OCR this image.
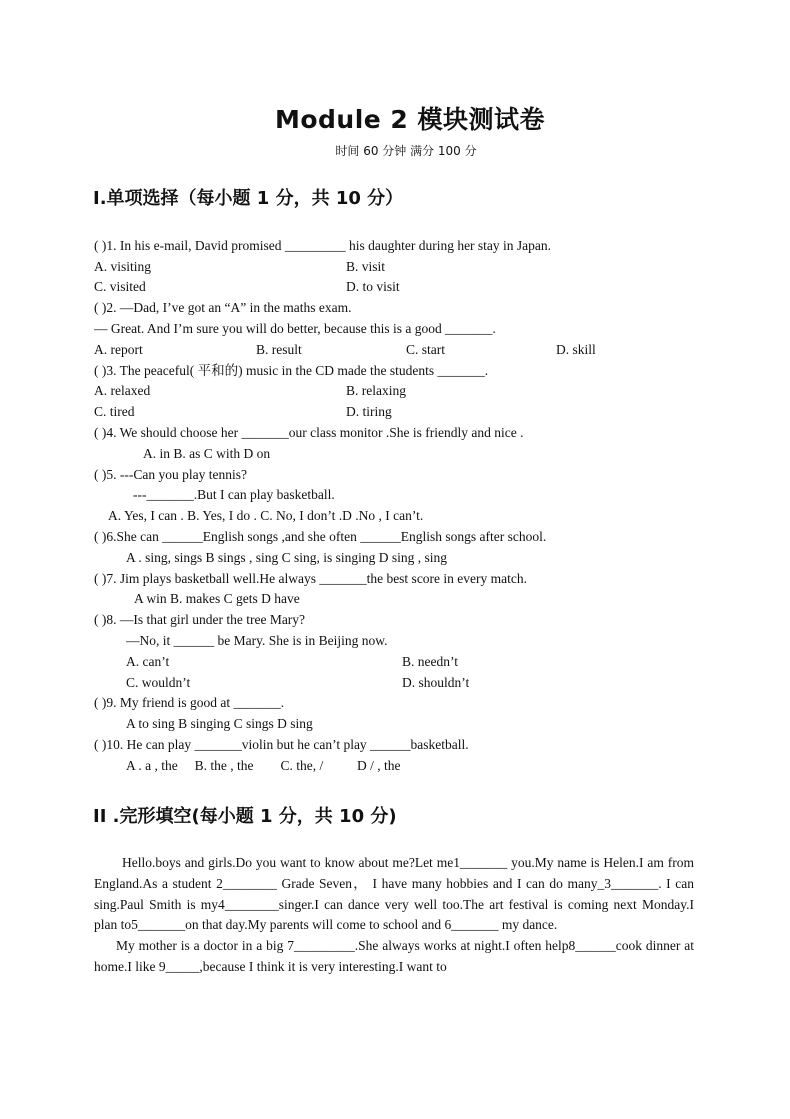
Module 2 模块测试卷
时间 60 分钟 满分 100 分
I.单项选择（每小题 1 分，共 10 分）
( )1. In his e-mail, David promised _________ his daughter during her stay in Japan.
A. visiting	B. visit
C. visited	D. to visit
( )2. —Dad, I’ve got an “A” in the maths exam.
— Great. And I’m sure you will do better, because this is a good _______.
A. report	B. result	C. start	D. skill
( )3. The peaceful( 平和的) music in the CD made the students _______.
A. relaxed	B. relaxing
C. tired	D. tiring
( )4. We should choose her _______our class monitor .She is friendly and nice .
A. in B. as C with D on
( )5. ---Can you play tennis?
---_______.But I can play basketball.
A. Yes, I can . B. Yes, I do . C. No, I don’t .D .No , I can’t.
( )6.She can ______English songs ,and she often ______English songs after school.
A . sing, sings B sings , sing C sing, is singing D sing , sing
( )7. Jim plays basketball well.He always _______the best score in every match.
A win B. makes C gets D have
( )8. —Is that girl under the tree Mary?
—No, it ______ be Mary. She is in Beijing now.
A. can’t	B. needn’t
C. wouldn’t	D. shouldn’t
( )9. My friend is good at _______.
A to sing B singing C sings D sing
( )10. He can play _______violin but he can’t play ______basketball.
A . a , the     B. the , the        C. the, /          D / , the
II .完形填空(每小题 1 分，共 10 分)
Hello.boys and girls.Do you want to know about me?Let me1_______ you.My name is Helen.I am from England.As a student 2________ Grade Seven， I have many hobbies and I can do many_3_______. I can sing.Paul Smith is my4________singer.I can dance very well too.The art festival is coming next Monday.I plan to5_______on that day.My parents will come to school and 6_______ my dance.
My mother is a doctor in a big 7_________.She always works at night.I often help8______cook dinner at home.I like 9_____,because I think it is very interesting.I want to
